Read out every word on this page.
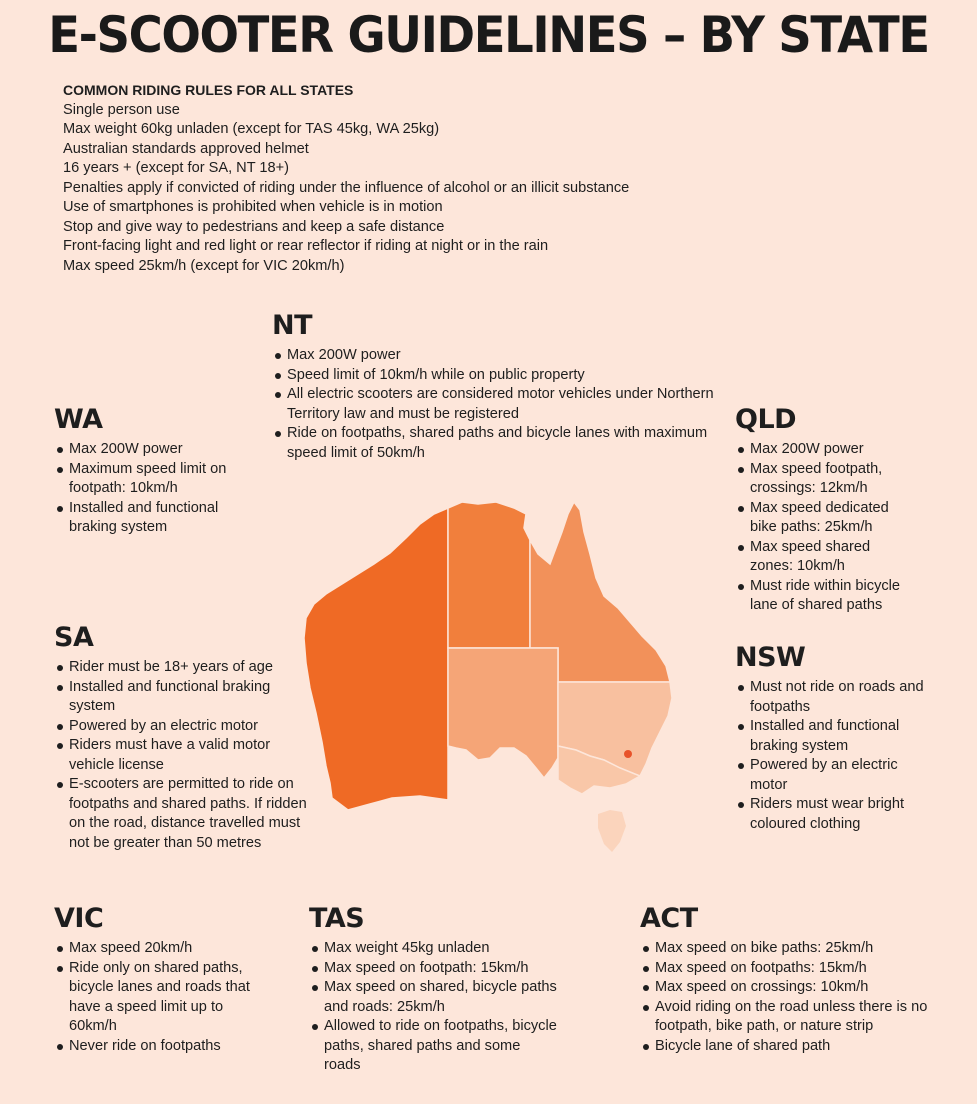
E-SCOOTER GUIDELINES – BY STATE
COMMON RIDING RULES FOR ALL STATES
Single person use
Max weight 60kg unladen (except for TAS 45kg, WA 25kg)
Australian standards approved helmet
16 years + (except for SA, NT 18+)
Penalties apply if convicted of riding under the influence of alcohol or an illicit substance
Use of smartphones is prohibited when vehicle is in motion
Stop and give way to pedestrians and keep a safe distance
Front-facing light and red light or rear reflector if riding at night or in the rain
Max speed 25km/h (except for VIC 20km/h)
NT
Max 200W power
Speed limit of 10km/h while on public property
All electric scooters are considered motor vehicles under Northern Territory law and must be registered
Ride on footpaths, shared paths and bicycle lanes with maximum speed limit of 50km/h
WA
Max 200W power
Maximum speed limit on footpath: 10km/h
Installed and functional braking system
QLD
Max 200W power
Max speed footpath, crossings: 12km/h
Max speed dedicated bike paths: 25km/h
Max speed shared zones: 10km/h
Must ride within bicycle lane of shared paths
SA
Rider must be 18+ years of age
Installed and functional braking system
Powered by an electric motor
Riders must have a valid motor vehicle license
E-scooters are permitted to ride on footpaths and shared paths. If ridden on the road, distance travelled must not be greater than 50 metres
NSW
Must not ride on roads and footpaths
Installed and functional braking system
Powered by an electric motor
Riders must wear bright coloured clothing
VIC
Max speed 20km/h
Ride only on shared paths, bicycle lanes and roads that have a speed limit up to 60km/h
Never ride on footpaths
TAS
Max weight 45kg unladen
Max speed on footpath: 15km/h
Max speed on shared, bicycle paths and roads: 25km/h
Allowed to ride on footpaths, bicycle paths, shared paths and some roads
ACT
Max speed on bike paths: 25km/h
Max speed on footpaths: 15km/h
Max speed on crossings: 10km/h
Avoid riding on the road unless there is no footpath, bike path, or nature strip
Bicycle lane of shared path
